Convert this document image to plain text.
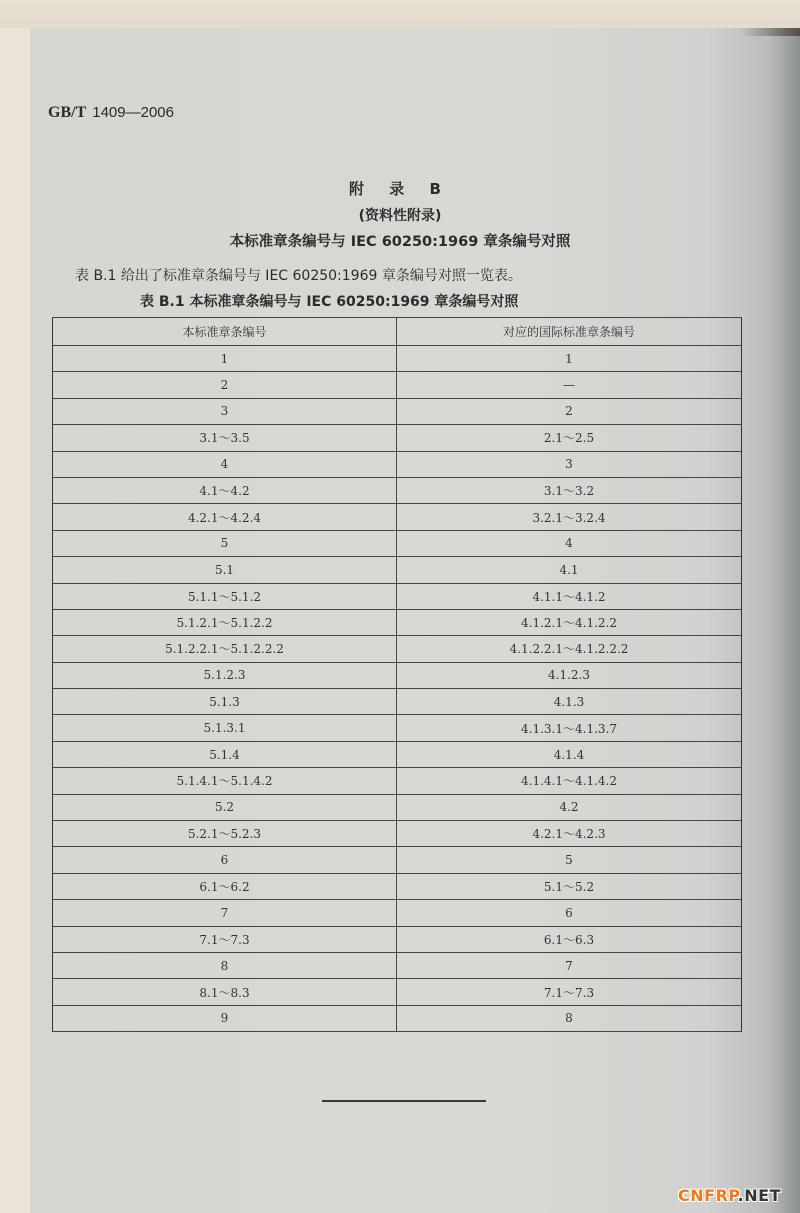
GB/T 1409—2006
附 录 B
(资料性附录)
本标准章条编号与 IEC 60250:1969 章条编号对照
表 B.1 给出了标准章条编号与 IEC 60250:1969 章条编号对照一览表。
表 B.1 本标准章条编号与 IEC 60250:1969 章条编号对照
本标准章条编号	对应的国际标准章条编号
1	1
2	—
3	2
3.1～3.5	2.1～2.5
4	3
4.1～4.2	3.1～3.2
4.2.1～4.2.4	3.2.1～3.2.4
5	4
5.1	4.1
5.1.1～5.1.2	4.1.1～4.1.2
5.1.2.1～5.1.2.2	4.1.2.1～4.1.2.2
5.1.2.2.1～5.1.2.2.2	4.1.2.2.1～4.1.2.2.2
5.1.2.3	4.1.2.3
5.1.3	4.1.3
5.1.3.1	4.1.3.1～4.1.3.7
5.1.4	4.1.4
5.1.4.1～5.1.4.2	4.1.4.1～4.1.4.2
5.2	4.2
5.2.1～5.2.3	4.2.1～4.2.3
6	5
6.1～6.2	5.1～5.2
7	6
7.1～7.3	6.1～6.3
8	7
8.1～8.3	7.1～7.3
9	8
CNFRP.NET
